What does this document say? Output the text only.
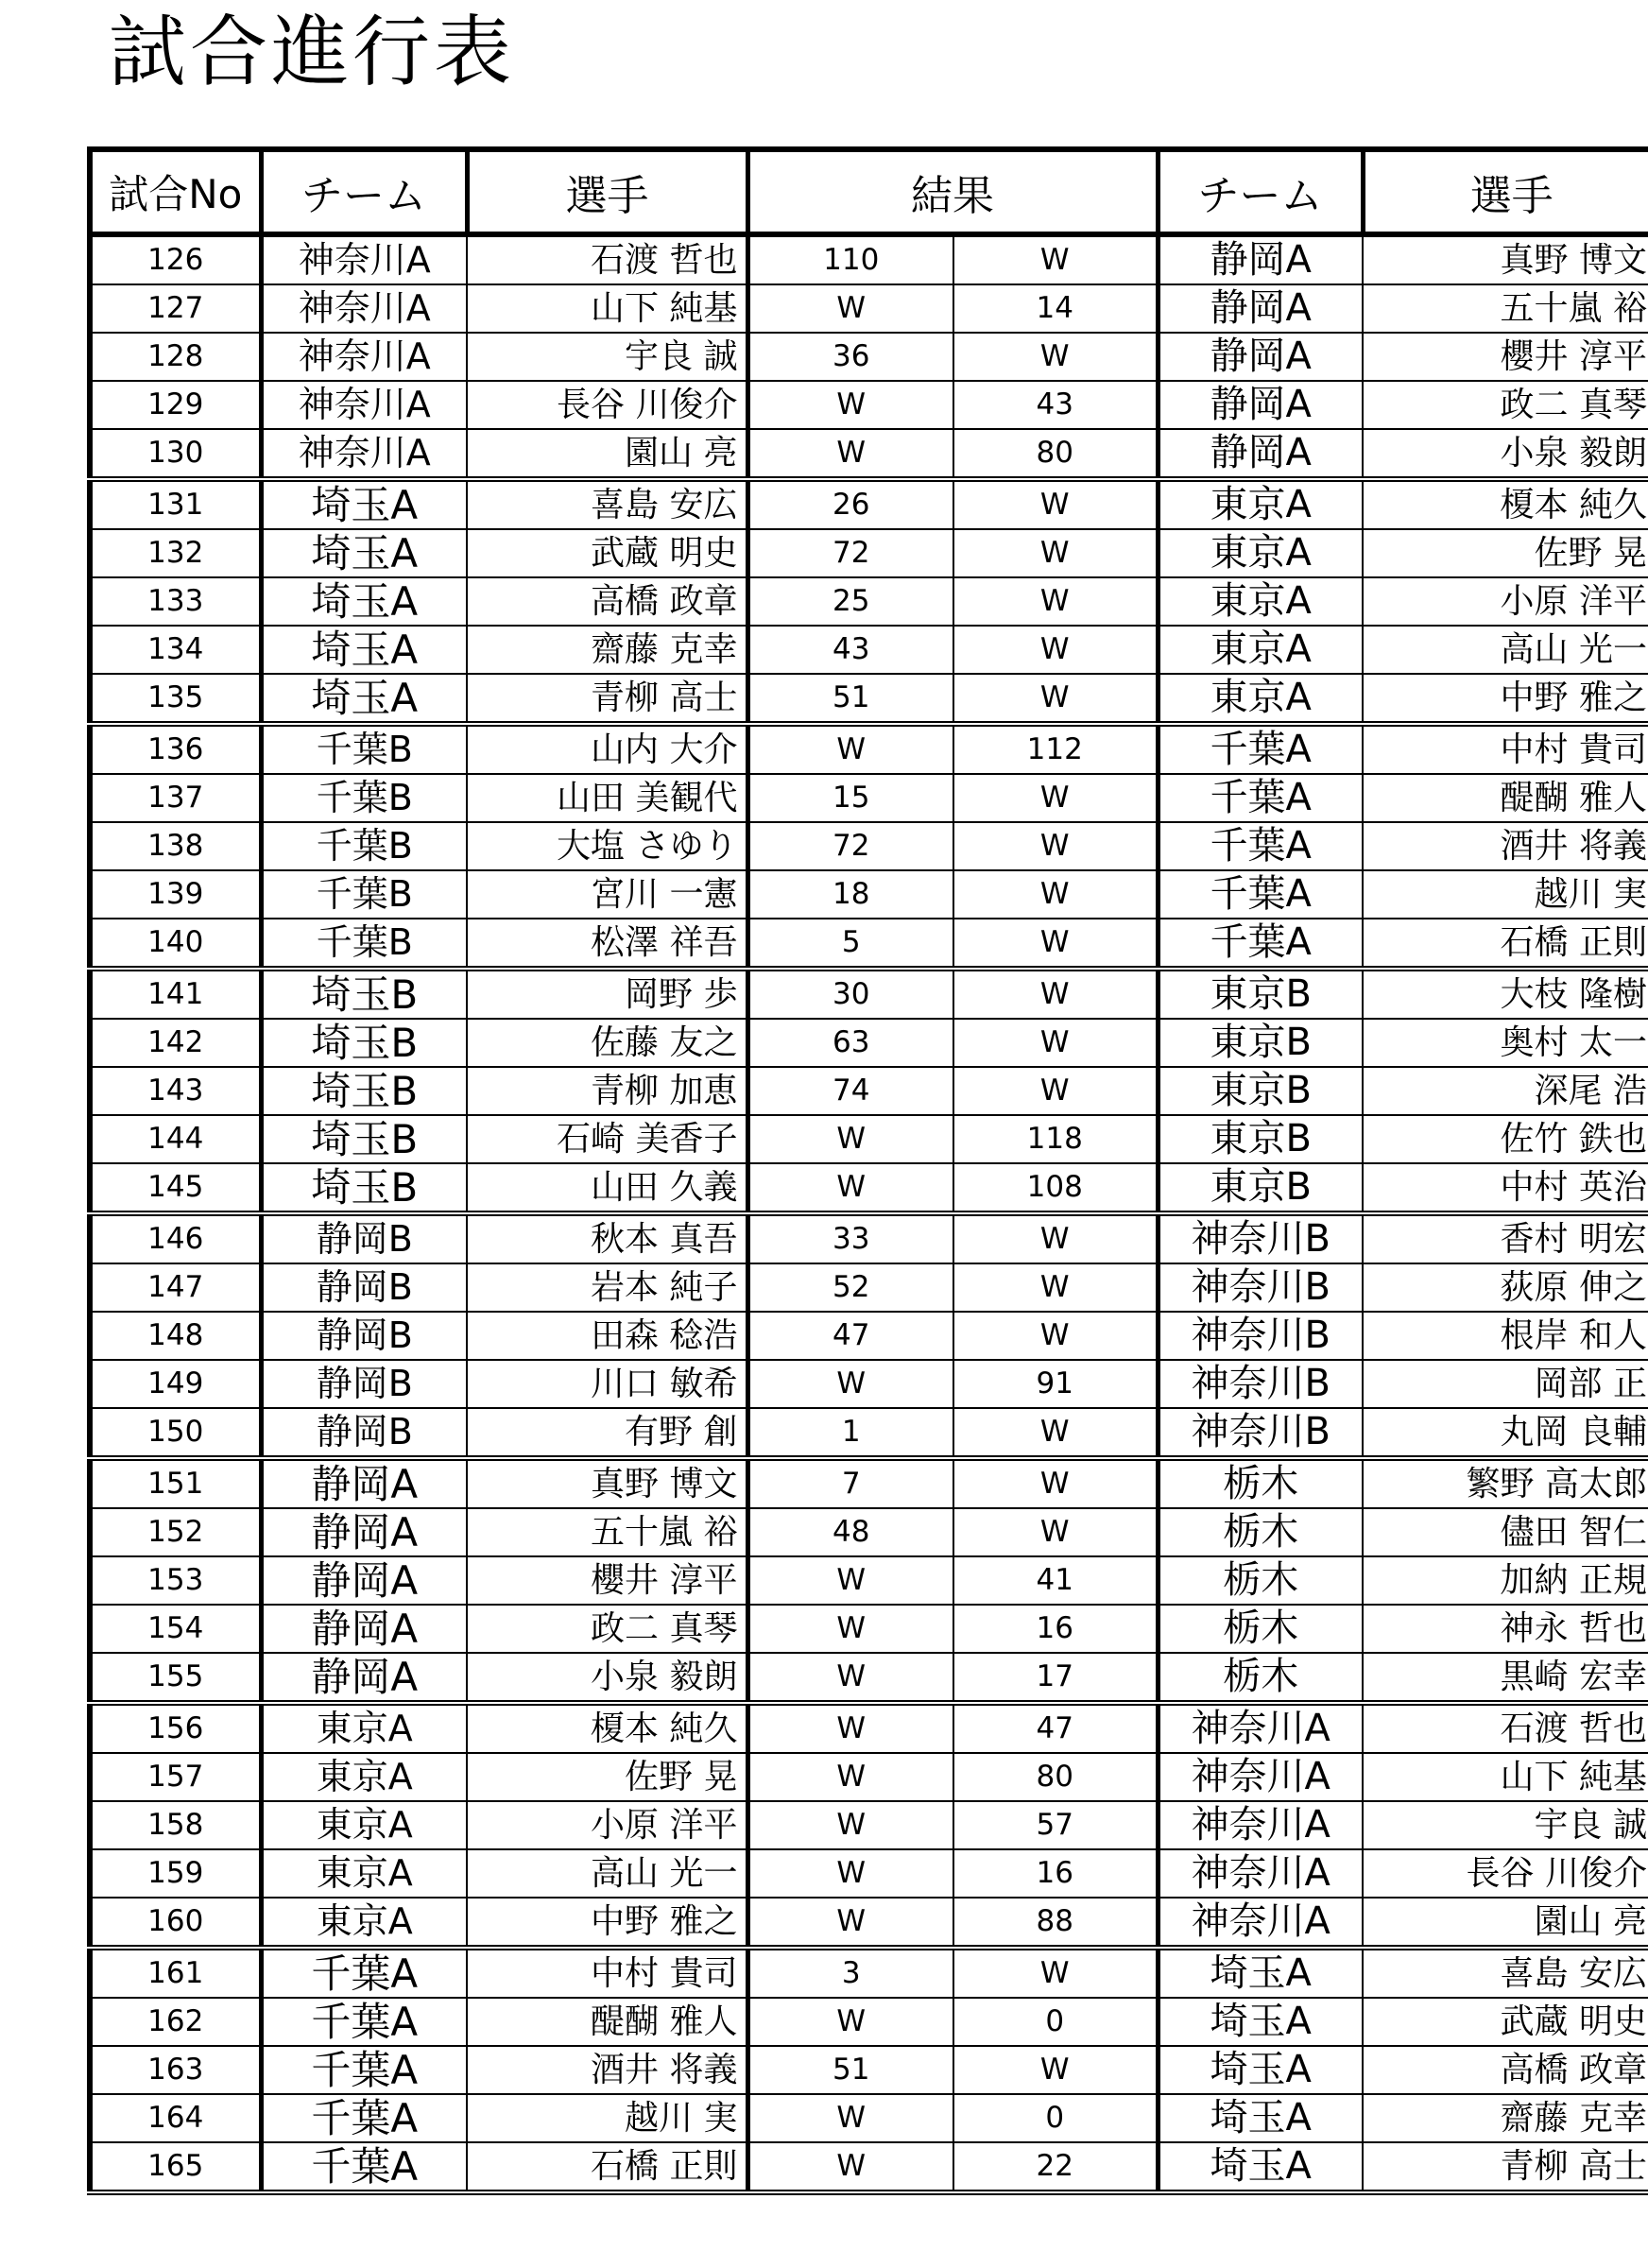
試合進行表
試合No	チーム	選手	結果		チーム	選手
126	神奈川A	石渡 哲也	110	W	静岡A	真野 博文
127	神奈川A	山下 純基	W	14	静岡A	五十嵐 裕
128	神奈川A	宇良 誠	36	W	静岡A	櫻井 淳平
129	神奈川A	長谷 川俊介	W	43	静岡A	政二 真琴
130	神奈川A	園山 亮	W	80	静岡A	小泉 毅朗
131	埼玉A	喜島 安広	26	W	東京A	榎本 純久
132	埼玉A	武蔵 明史	72	W	東京A	佐野 晃
133	埼玉A	高橋 政章	25	W	東京A	小原 洋平
134	埼玉A	齋藤 克幸	43	W	東京A	高山 光一
135	埼玉A	青柳 高士	51	W	東京A	中野 雅之
136	千葉B	山内 大介	W	112	千葉A	中村 貴司
137	千葉B	山田 美観代	15	W	千葉A	醍醐 雅人
138	千葉B	大塩 さゆり	72	W	千葉A	酒井 将義
139	千葉B	宮川 一憲	18	W	千葉A	越川 実
140	千葉B	松澤 祥吾	5	W	千葉A	石橋 正則
141	埼玉B	岡野 歩	30	W	東京B	大枝 隆樹
142	埼玉B	佐藤 友之	63	W	東京B	奥村 太一
143	埼玉B	青柳 加恵	74	W	東京B	深尾 浩
144	埼玉B	石崎 美香子	W	118	東京B	佐竹 鉄也
145	埼玉B	山田 久義	W	108	東京B	中村 英治
146	静岡B	秋本 真吾	33	W	神奈川B	香村 明宏
147	静岡B	岩本 純子	52	W	神奈川B	荻原 伸之
148	静岡B	田森 稔浩	47	W	神奈川B	根岸 和人
149	静岡B	川口 敏希	W	91	神奈川B	岡部 正
150	静岡B	有野 創	1	W	神奈川B	丸岡 良輔
151	静岡A	真野 博文	7	W	栃木	繁野 高太郎
152	静岡A	五十嵐 裕	48	W	栃木	儘田 智仁
153	静岡A	櫻井 淳平	W	41	栃木	加納 正規
154	静岡A	政二 真琴	W	16	栃木	神永 哲也
155	静岡A	小泉 毅朗	W	17	栃木	黒崎 宏幸
156	東京A	榎本 純久	W	47	神奈川A	石渡 哲也
157	東京A	佐野 晃	W	80	神奈川A	山下 純基
158	東京A	小原 洋平	W	57	神奈川A	宇良 誠
159	東京A	高山 光一	W	16	神奈川A	長谷 川俊介
160	東京A	中野 雅之	W	88	神奈川A	園山 亮
161	千葉A	中村 貴司	3	W	埼玉A	喜島 安広
162	千葉A	醍醐 雅人	W	0	埼玉A	武蔵 明史
163	千葉A	酒井 将義	51	W	埼玉A	高橋 政章
164	千葉A	越川 実	W	0	埼玉A	齋藤 克幸
165	千葉A	石橋 正則	W	22	埼玉A	青柳 高士
